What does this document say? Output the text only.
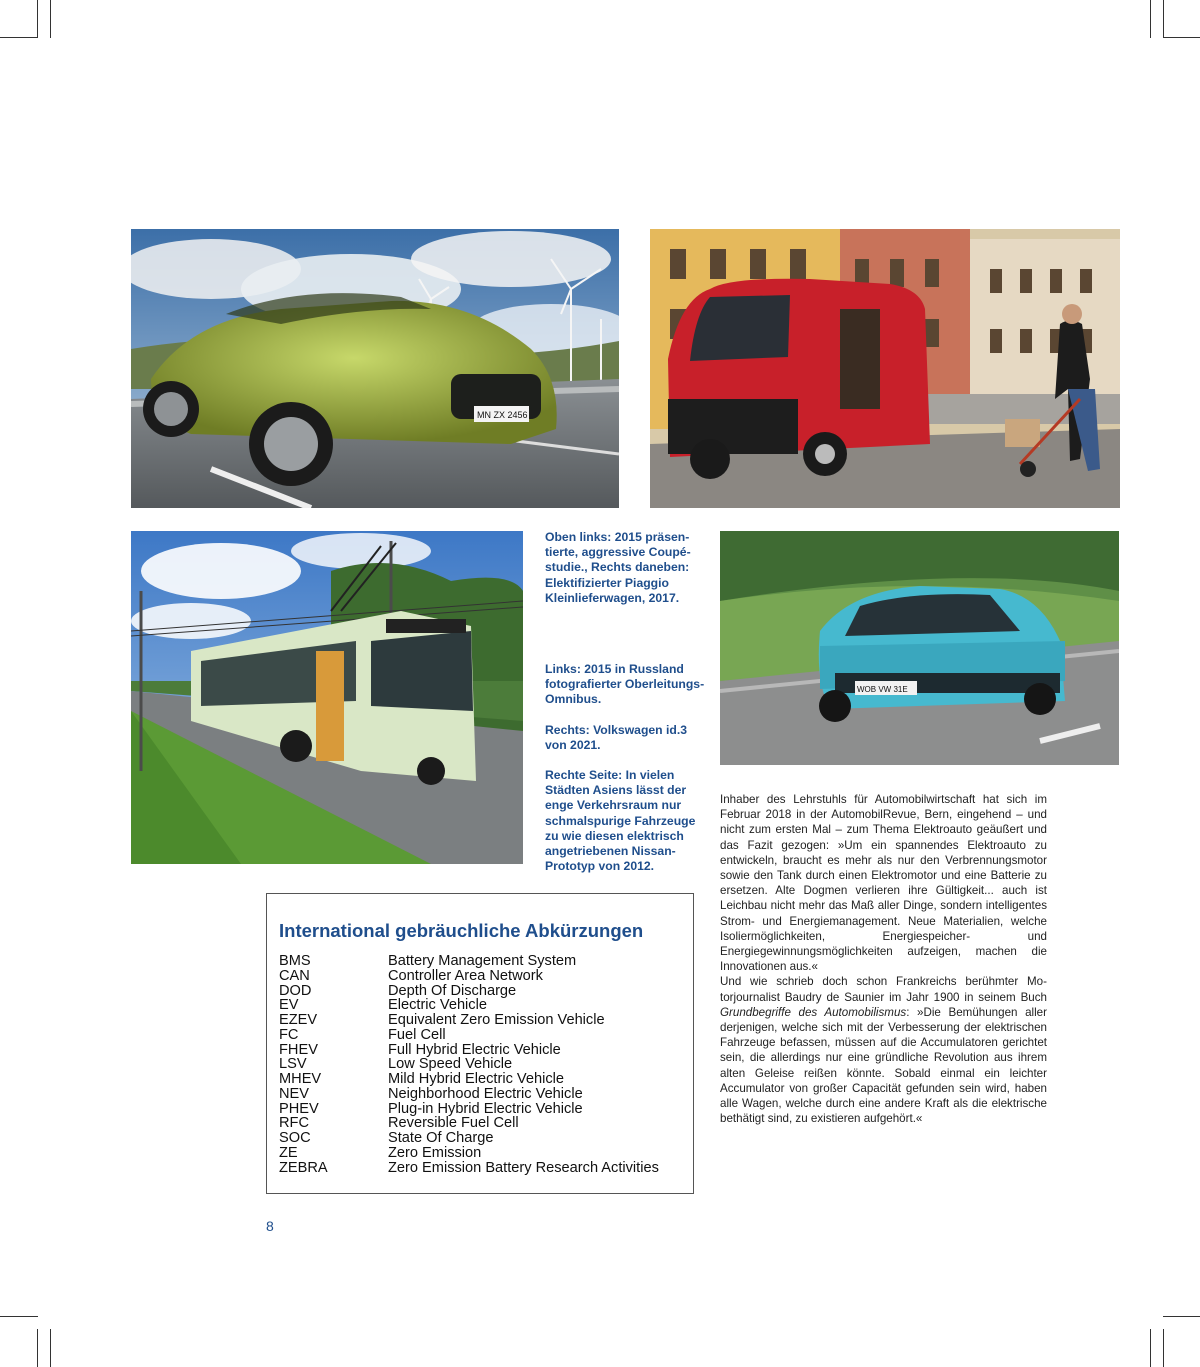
MN ZX 2456
WOB VW 31E

Oben links: 2015 präsentierte, aggressive Coupéstudie., Rechts daneben: Elektifizierter Piaggio Kleinlieferwagen, 2017.

Links: 2015 in Russland fotografierter Oberleitungs-Omnibus.

Rechts: Volkswagen id.3 von 2021.

Rechte Seite: In vielen Städten Asiens lässt der enge Verkehrsraum nur schmalspurige Fahrzeuge zu wie diesen elektrisch angetriebenen Nissan-Prototyp von 2012.

Inhaber des Lehrstuhls für Automobilwirtschaft hat sich im Februar 2018 in der AutomobilRevue, Bern, eingehend – und nicht zum ersten Mal – zum Thema Elektroauto geäußert und das Fazit gezogen: »Um ein spannendes Elektroauto zu entwickeln, braucht es mehr als nur den Verbrennungsmotor sowie den Tank durch einen Elektromotor und eine Batterie zu ersetzen. Alte Dogmen verlieren ihre Gültigkeit... auch ist Leichbau nicht mehr das Maß aller Dinge, sondern intelligentes Strom- und Energiemanagement. Neue Materialien, welche Isoliermöglichkeiten, Energiespeicher- und Energiegewinnungsmöglichkeiten aufzeigen, machen die Innovationen aus.«

Und wie schrieb doch schon Frankreichs berühmter Motorjournalist Baudry de Saunier im Jahr 1900 in seinem Buch Grundbegriffe des Automobilismus: »Die Bemühungen aller derjenigen, welche sich mit der Verbesserung der elektrischen Fahrzeuge befassen, müssen auf die Accumulatoren gerichtet sein, die allerdings nur eine gründliche Revolution aus ihrem alten Geleise reißen könnte. Sobald einmal ein leichter Accumulator von großer Capacität gefunden sein wird, haben alle Wagen, welche durch eine andere Kraft als die elektrische bethätigt sind, zu existieren aufgehört.«

International gebräuchliche Abkürzungen
BMS	Battery Management System
CAN	Controller Area Network
DOD	Depth Of Discharge
EV	Electric Vehicle
EZEV	Equivalent Zero Emission Vehicle
FC	Fuel Cell
FHEV	Full Hybrid Electric Vehicle
LSV	Low Speed Vehicle
MHEV	Mild Hybrid Electric Vehicle
NEV	Neighborhood Electric Vehicle
PHEV	Plug-in Hybrid Electric Vehicle
RFC	Reversible Fuel Cell
SOC	State Of Charge
ZE	Zero Emission
ZEBRA	Zero Emission Battery Research Activities
8
